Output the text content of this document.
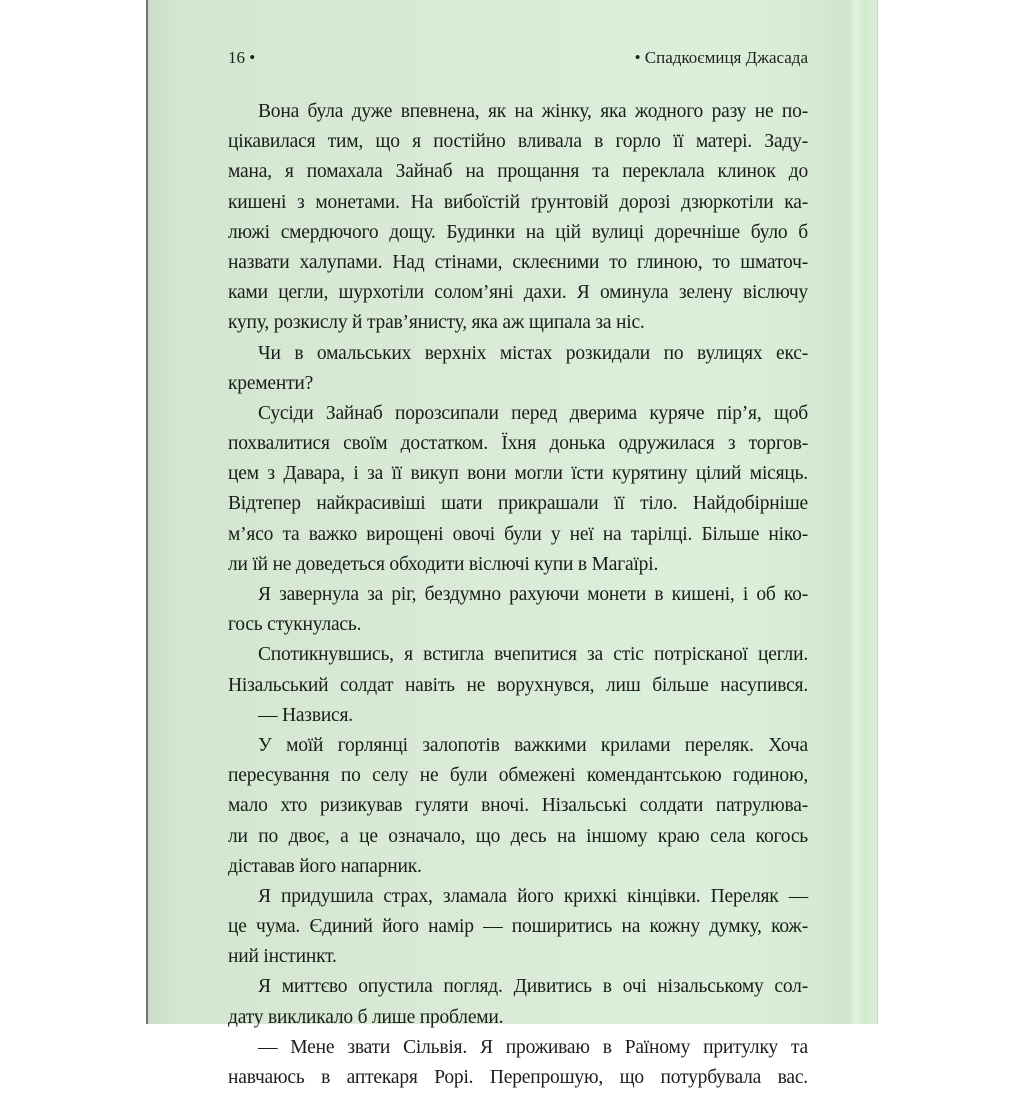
16 •	• Спадкоємиця Джасада
Вона була дуже впевнена, як на жінку, яка жодного разу не по-
цікавилася тим, що я постійно вливала в горло її матері. Заду-
мана, я помахала Зайнаб на прощання та переклала клинок до
кишені з монетами. На вибоїстій ґрунтовій дорозі дзюркотіли ка-
люжі смердючого дощу. Будинки на цій вулиці доречніше було б
назвати халупами. Над стінами, склеєними то глиною, то шматоч-
ками цегли, шурхотіли солом’яні дахи. Я оминула зелену віслючу
купу, розкислу й трав’янисту, яка аж щипала за ніс.
Чи в омальських верхніх містах розкидали по вулицях екс-
кременти?
Сусіди Зайнаб порозсипали перед дверима куряче пір’я, щоб
похвалитися своїм достатком. Їхня донька одружилася з торгов-
цем з Давара, і за її викуп вони могли їсти курятину цілий місяць.
Відтепер найкрасивіші шати прикрашали її тіло. Найдобірніше
м’ясо та важко вирощені овочі були у неї на тарілці. Більше ніко-
ли їй не доведеться обходити віслючі купи в Магаїрі.
Я завернула за ріг, бездумно рахуючи монети в кишені, і об ко-
гось стукнулась.
Спотикнувшись, я встигла вчепитися за стіс потрісканої цегли.
Нізальський солдат навіть не ворухнувся, лиш більше насупився.
— Назвися.
У моїй горлянці залопотів важкими крилами переляк. Хоча
пересування по селу не були обмежені комендантською годиною,
мало хто ризикував гуляти вночі. Нізальські солдати патрулюва-
ли по двоє, а це означало, що десь на іншому краю села когось
діставав його напарник.
Я придушила страх, зламала його крихкі кінцівки. Переляк —
це чума. Єдиний його намір — поширитись на кожну думку, кож-
ний інстинкт.
Я миттєво опустила погляд. Дивитись в очі нізальському сол-
дату викликало б лише проблеми.
— Мене звати Сільвія. Я проживаю в Раїному притулку та
навчаюсь в аптекаря Рорі. Перепрошую, що потурбувала вас.
